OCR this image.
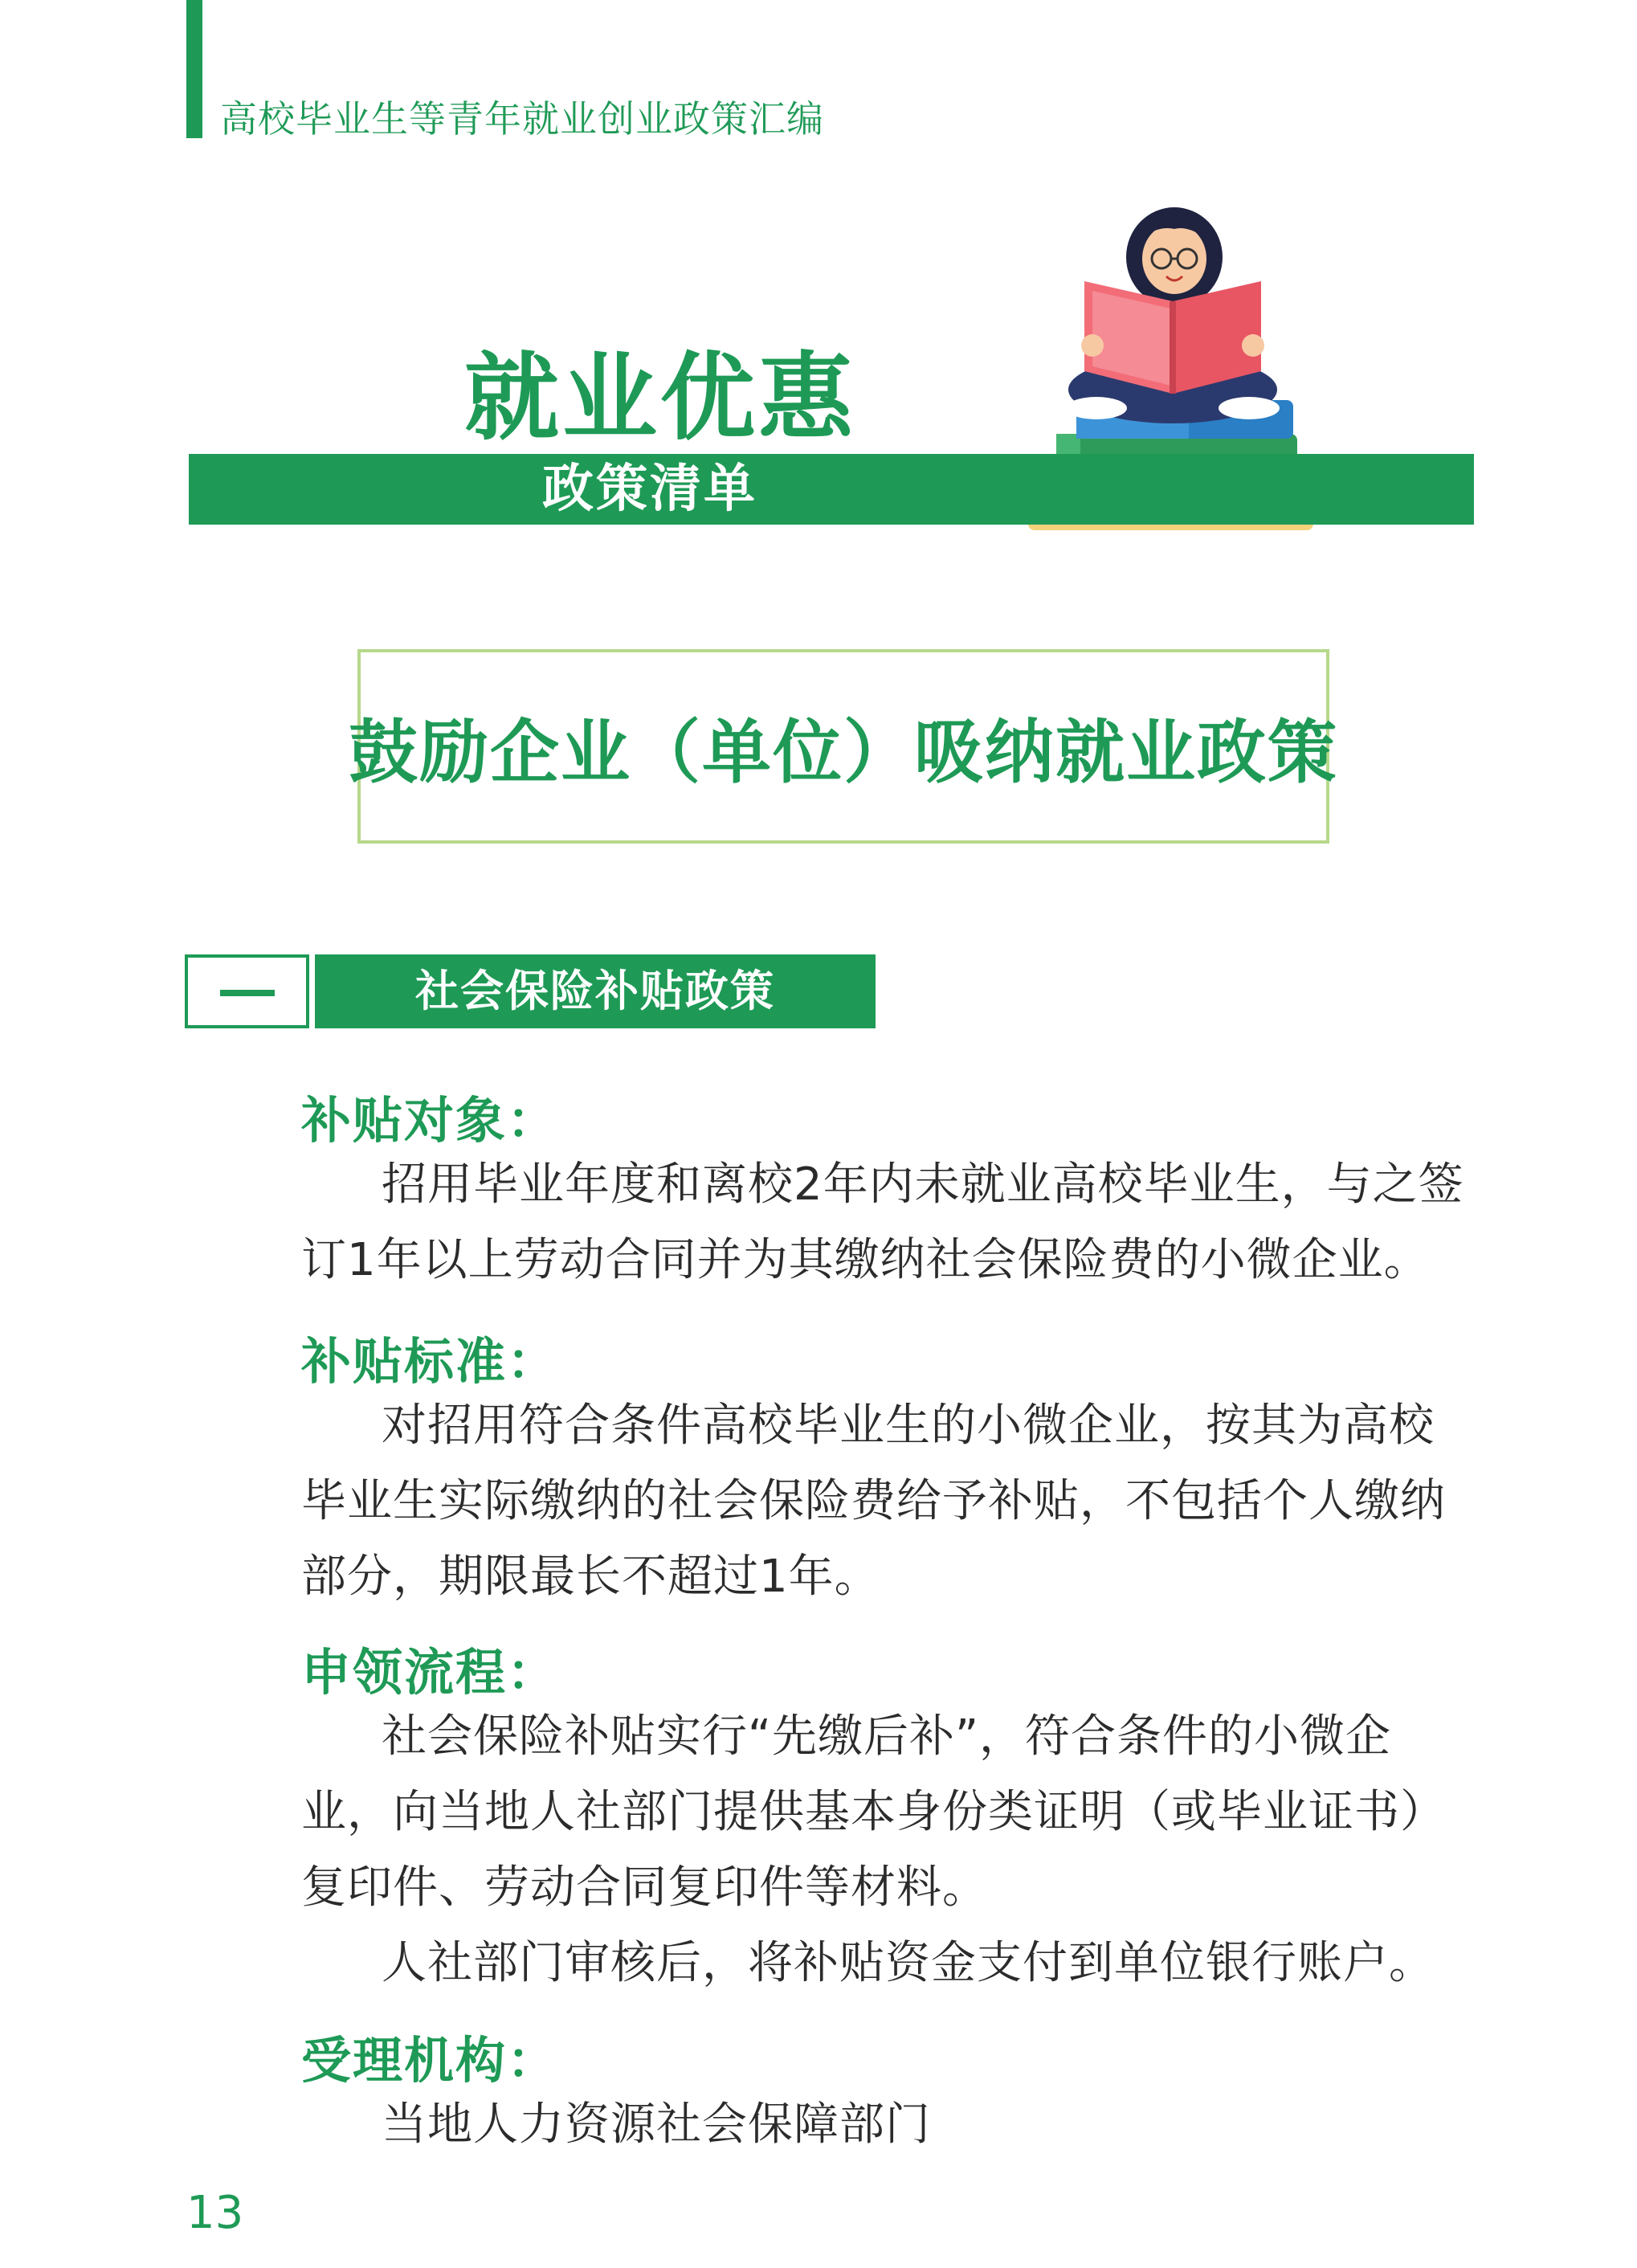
高校毕业生等青年就业创业政策汇编
就业优惠
政策清单
鼓励企业（单位）吸纳就业政策
社会保险补贴政策
补贴对象：
招用毕业年度和离校2年内未就业高校毕业生，与之签订1年以上劳动合同并为其缴纳社会保险费的小微企业。
补贴标准：
对招用符合条件高校毕业生的小微企业，按其为高校毕业生实际缴纳的社会保险费给予补贴，不包括个人缴纳部分，期限最长不超过1年。
申领流程：
社会保险补贴实行“先缴后补”，符合条件的小微企业，向当地人社部门提供基本身份类证明（或毕业证书）复印件、劳动合同复印件等材料。
人社部门审核后，将补贴资金支付到单位银行账户。
受理机构：
当地人力资源社会保障部门
13
